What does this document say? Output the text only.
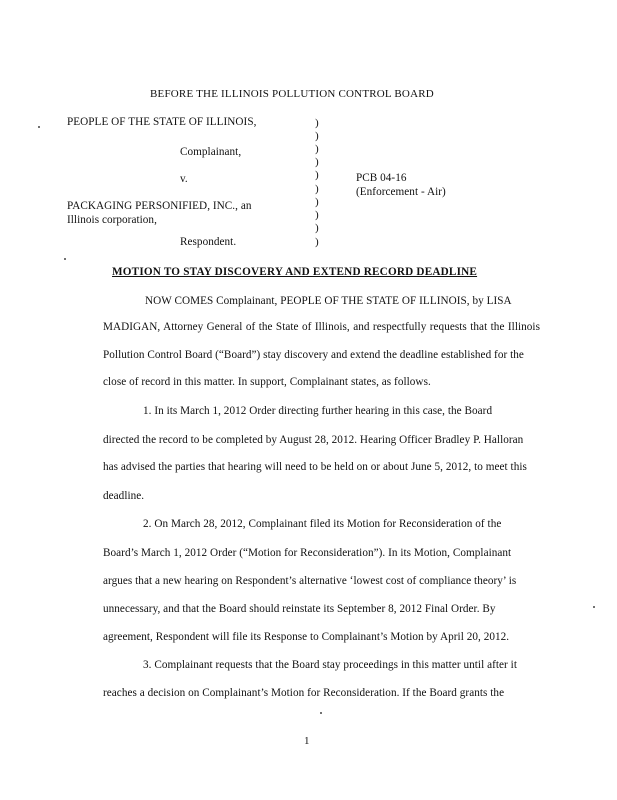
BEFORE THE ILLINOIS POLLUTION CONTROL BOARD
PEOPLE OF THE STATE OF ILLINOIS,
Complainant,
v.
PACKAGING PERSONIFIED, INC., an
Illinois corporation,
Respondent.
)
)
)
)
)
)
)
)
)
)
PCB 04-16
(Enforcement - Air)
MOTION TO STAY DISCOVERY AND EXTEND RECORD DEADLINE
NOW COMES Complainant, PEOPLE OF THE STATE OF ILLINOIS, by LISA
MADIGAN, Attorney General of the State of Illinois, and respectfully requests that the Illinois
Pollution Control Board (“Board”) stay discovery and extend the deadline established for the
close of record in this matter. In support, Complainant states, as follows.
1. In its March 1, 2012 Order directing further hearing in this case, the Board
directed the record to be completed by August 28, 2012. Hearing Officer Bradley P. Halloran
has advised the parties that hearing will need to be held on or about June 5, 2012, to meet this
deadline.
2. On March 28, 2012, Complainant filed its Motion for Reconsideration of the
Board’s March 1, 2012 Order (“Motion for Reconsideration”). In its Motion, Complainant
argues that a new hearing on Respondent’s alternative ‘lowest cost of compliance theory’ is
unnecessary, and that the Board should reinstate its September 8, 2012 Final Order. By
agreement, Respondent will file its Response to Complainant’s Motion by April 20, 2012.
3. Complainant requests that the Board stay proceedings in this matter until after it
reaches a decision on Complainant’s Motion for Reconsideration. If the Board grants the
1
